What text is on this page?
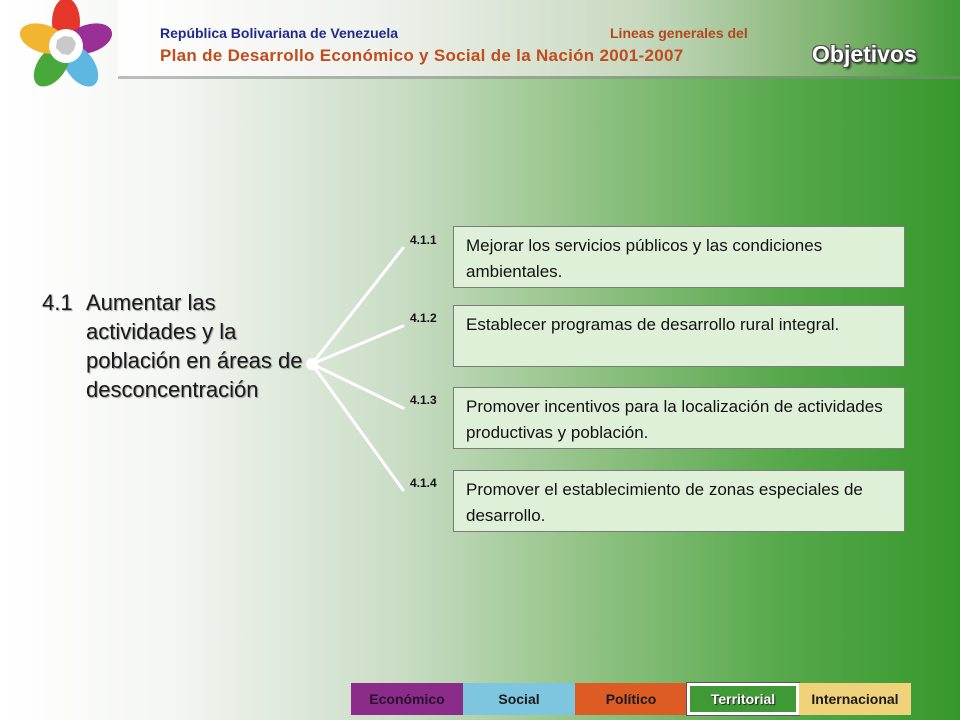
República Bolivariana de Venezuela	Lineas generales del
Plan de Desarrollo Económico y Social de la Nación 2001-2007	Objetivos
4.1 Aumentar las actividades y la población en áreas de desconcentración
4.1.1	Mejorar los servicios públicos y las condiciones ambientales.
4.1.2	Establecer programas de desarrollo rural integral.
4.1.3	Promover incentivos para la localización de actividades productivas y población.
4.1.4	Promover el establecimiento de zonas especiales de desarrollo.
Económico	Social	Político	Territorial	Internacional
